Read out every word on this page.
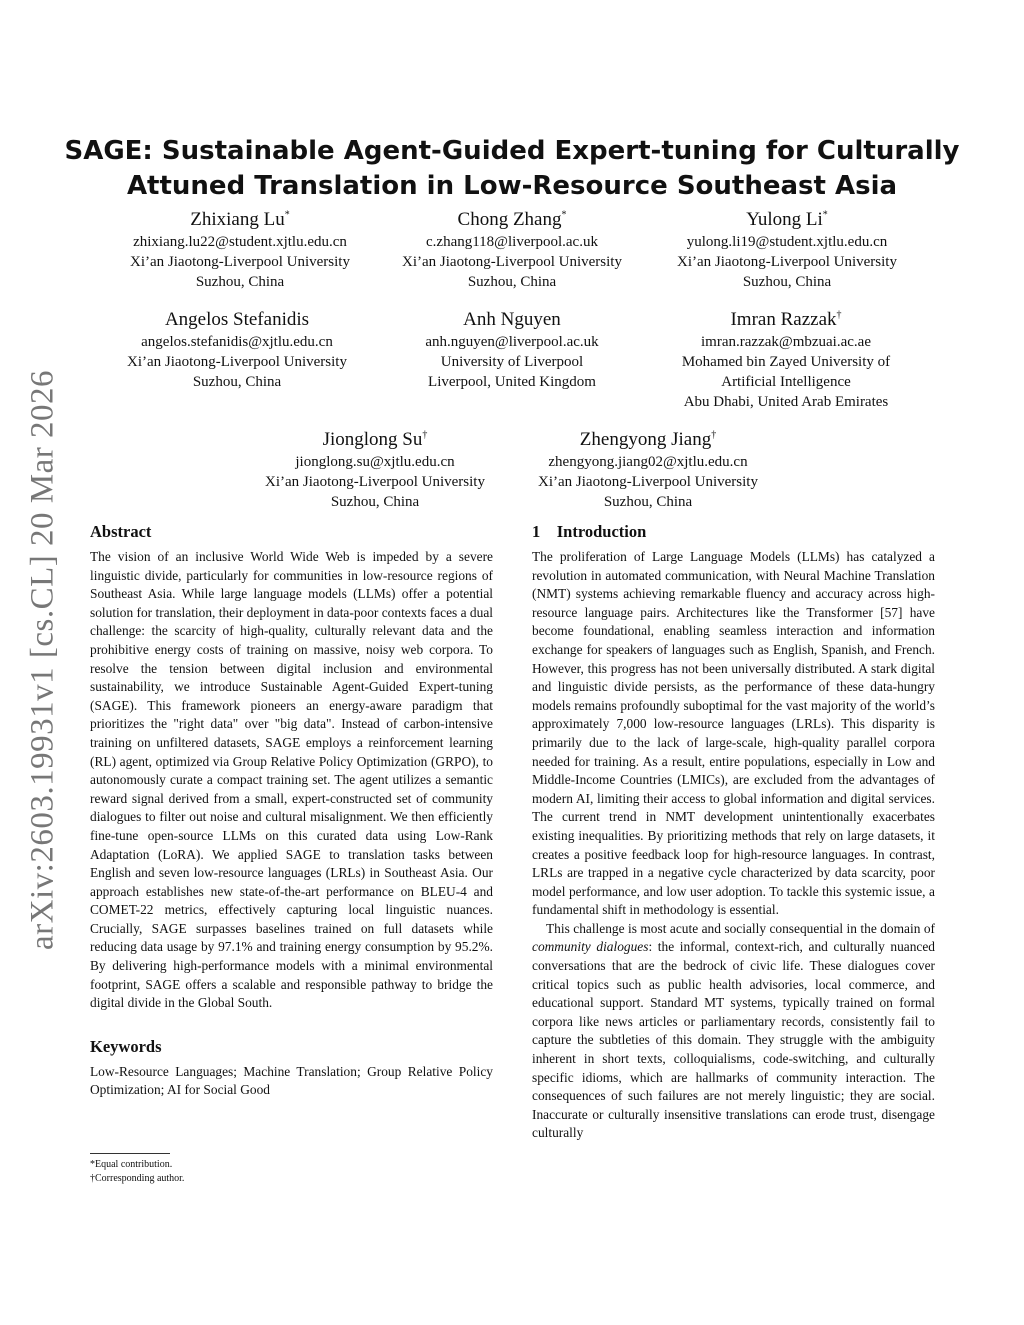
arXiv:2603.19931v1 [cs.CL] 20 Mar 2026
SAGE: Sustainable Agent-Guided Expert-tuning for Culturally
Attuned Translation in Low-Resource Southeast Asia
Zhixiang Lu*
zhixiang.lu22@student.xjtlu.edu.cn
Xi’an Jiaotong-Liverpool University
Suzhou, China
Chong Zhang*
c.zhang118@liverpool.ac.uk
Xi’an Jiaotong-Liverpool University
Suzhou, China
Yulong Li*
yulong.li19@student.xjtlu.edu.cn
Xi’an Jiaotong-Liverpool University
Suzhou, China
Angelos Stefanidis
angelos.stefanidis@xjtlu.edu.cn
Xi’an Jiaotong-Liverpool University
Suzhou, China
Anh Nguyen
anh.nguyen@liverpool.ac.uk
University of Liverpool
Liverpool, United Kingdom
Imran Razzak†
imran.razzak@mbzuai.ac.ae
Mohamed bin Zayed University of
Artificial Intelligence
Abu Dhabi, United Arab Emirates
Jionglong Su†
jionglong.su@xjtlu.edu.cn
Xi’an Jiaotong-Liverpool University
Suzhou, China
Zhengyong Jiang†
zhengyong.jiang02@xjtlu.edu.cn
Xi’an Jiaotong-Liverpool University
Suzhou, China
Abstract

The vision of an inclusive World Wide Web is impeded by a severe linguistic divide, particularly for communities in low-resource regions of Southeast Asia. While large language models (LLMs) offer a potential solution for translation, their deployment in data-poor contexts faces a dual challenge: the scarcity of high-quality, culturally relevant data and the prohibitive energy costs of training on massive, noisy web corpora. To resolve the tension between digital inclusion and environmental sustainability, we introduce Sustainable Agent-Guided Expert-tuning (SAGE). This framework pioneers an energy-aware paradigm that prioritizes the "right data" over "big data". Instead of carbon-intensive training on unfiltered datasets, SAGE employs a reinforcement learning (RL) agent, optimized via Group Relative Policy Optimization (GRPO), to autonomously curate a compact training set. The agent utilizes a semantic reward signal derived from a small, expert-constructed set of community dialogues to filter out noise and cultural misalignment. We then efficiently fine-tune open-source LLMs on this curated data using Low-Rank Adaptation (LoRA). We applied SAGE to translation tasks between English and seven low-resource languages (LRLs) in Southeast Asia. Our approach establishes new state-of-the-art performance on BLEU-4 and COMET-22 metrics, effectively capturing local linguistic nuances. Crucially, SAGE surpasses baselines trained on full datasets while reducing data usage by 97.1% and training energy consumption by 95.2%. By delivering high-performance models with a minimal environmental footprint, SAGE offers a scalable and responsible pathway to bridge the digital divide in the Global South.

Keywords

Low-Resource Languages; Machine Translation; Group Relative Policy Optimization; AI for Social Good

*Equal contribution.
†Corresponding author.
1    Introduction

The proliferation of Large Language Models (LLMs) has catalyzed a revolution in automated communication, with Neural Machine Translation (NMT) systems achieving remarkable fluency and accuracy across high-resource language pairs. Architectures like the Transformer [57] have become foundational, enabling seamless interaction and information exchange for speakers of languages such as English, Spanish, and French. However, this progress has not been universally distributed. A stark digital and linguistic divide persists, as the performance of these data-hungry models remains profoundly suboptimal for the vast majority of the world’s approximately 7,000 low-resource languages (LRLs). This disparity is primarily due to the lack of large-scale, high-quality parallel corpora needed for training. As a result, entire populations, especially in Low and Middle-Income Countries (LMICs), are excluded from the advantages of modern AI, limiting their access to global information and digital services. The current trend in NMT development unintentionally exacerbates existing inequalities. By prioritizing methods that rely on large datasets, it creates a positive feedback loop for high-resource languages. In contrast, LRLs are trapped in a negative cycle characterized by data scarcity, poor model performance, and low user adoption. To tackle this systemic issue, a fundamental shift in methodology is essential.

This challenge is most acute and socially consequential in the domain of community dialogues: the informal, context-rich, and culturally nuanced conversations that are the bedrock of civic life. These dialogues cover critical topics such as public health advisories, local commerce, and educational support. Standard MT systems, typically trained on formal corpora like news articles or parliamentary records, consistently fail to capture the subtleties of this domain. They struggle with the ambiguity inherent in short texts, colloquialisms, code-switching, and culturally specific idioms, which are hallmarks of community interaction. The consequences of such failures are not merely linguistic; they are social. Inaccurate or culturally insensitive translations can erode trust, disengage culturally
